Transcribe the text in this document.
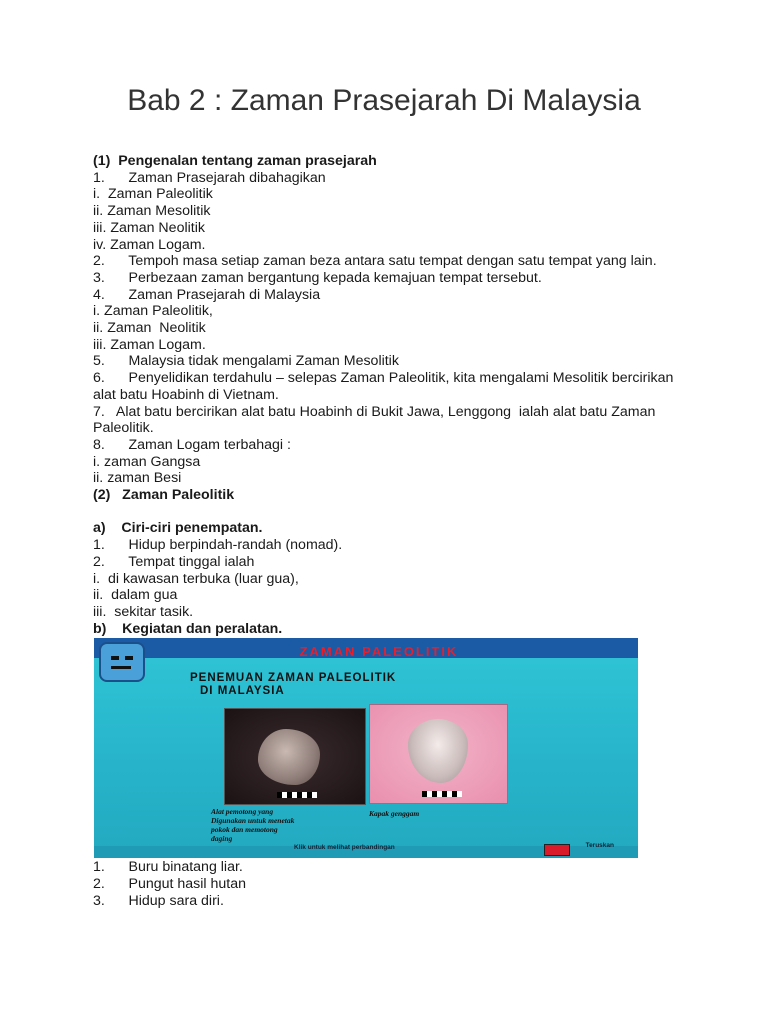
Bab 2 : Zaman Prasejarah Di Malaysia
(1)  Pengenalan tentang zaman prasejarah
1.      Zaman Prasejarah dibahagikan
i.  Zaman Paleolitik
ii. Zaman Mesolitik
iii. Zaman Neolitik
iv. Zaman Logam.
2.      Tempoh masa setiap zaman beza antara satu tempat dengan satu tempat yang lain.
3.      Perbezaan zaman bergantung kepada kemajuan tempat tersebut.
4.      Zaman Prasejarah di Malaysia
i. Zaman Paleolitik,
ii. Zaman  Neolitik
iii. Zaman Logam.
5.      Malaysia tidak mengalami Zaman Mesolitik
6.      Penyelidikan terdahulu – selepas Zaman Paleolitik, kita mengalami Mesolitik bercirikan alat batu Hoabinh di Vietnam.
7.   Alat batu bercirikan alat batu Hoabinh di Bukit Jawa, Lenggong  ialah alat batu Zaman Paleolitik.
8.      Zaman Logam terbahagi :
i. zaman Gangsa
ii. zaman Besi
(2)   Zaman Paleolitik
a)    Ciri-ciri penempatan.
1.      Hidup berpindah-randah (nomad).
2.      Tempat tinggal ialah
i.  di kawasan terbuka (luar gua),
ii.  dalam gua
iii.  sekitar tasik.
b)    Kegiatan dan peralatan.
ZAMAN PALEOLITIK
PENEMUAN ZAMAN PALEOLITIK
DI MALAYSIA
Alat pemotong yang
Digunakan untuk menetak
pokok dan memotong
daging
Kapak genggam
Klik untuk melihat perbandingan	Teruskan
1.      Buru binatang liar.
2.      Pungut hasil hutan
3.      Hidup sara diri.
